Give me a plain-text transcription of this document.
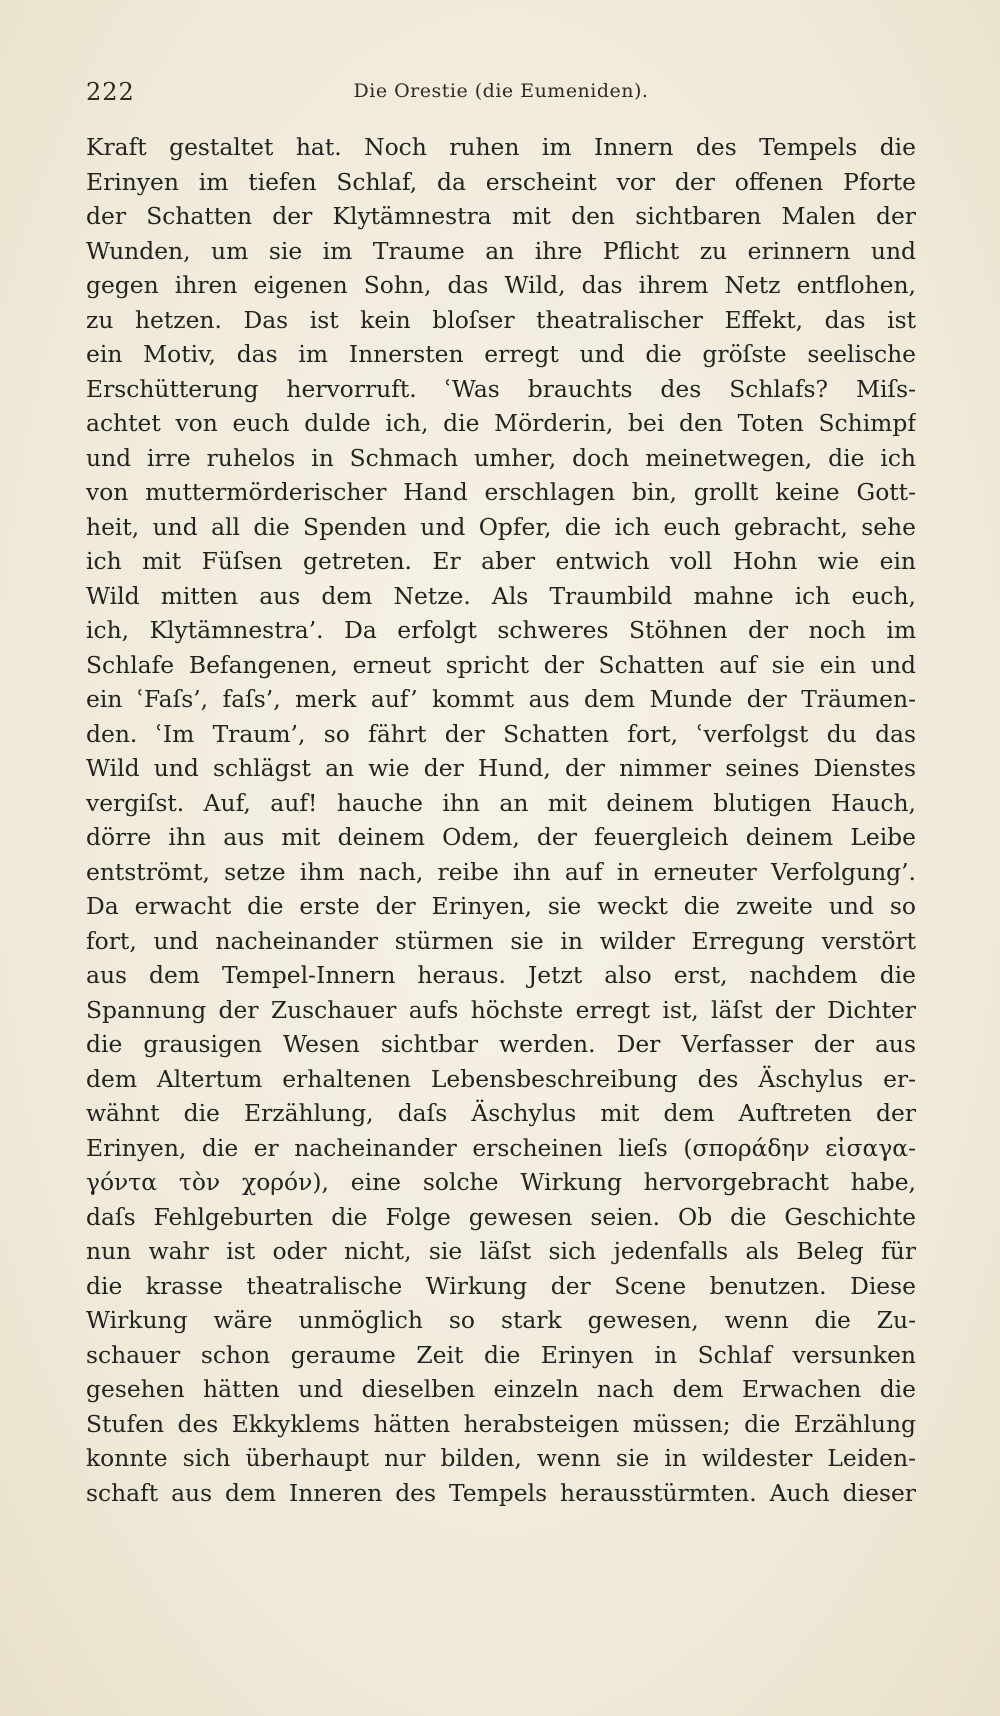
222	Die Orestie (die Eumeniden).
Kraft gestaltet hat. Noch ruhen im Innern des Tempels die
Erinyen im tiefen Schlaf, da erscheint vor der offenen Pforte
der Schatten der Klytämnestra mit den sichtbaren Malen der
Wunden, um sie im Traume an ihre Pflicht zu erinnern und
gegen ihren eigenen Sohn, das Wild, das ihrem Netz entflohen,
zu hetzen. Das ist kein bloſser theatralischer Effekt, das ist
ein Motiv, das im Innersten erregt und die gröſste seelische
Erschütterung hervorruft. ʿWas brauchts des Schlafs? Miſs-
achtet von euch dulde ich, die Mörderin, bei den Toten Schimpf
und irre ruhelos in Schmach umher, doch meinetwegen, die ich
von muttermörderischer Hand erschlagen bin, grollt keine Gott-
heit, und all die Spenden und Opfer, die ich euch gebracht, sehe
ich mit Füſsen getreten. Er aber entwich voll Hohn wie ein
Wild mitten aus dem Netze. Als Traumbild mahne ich euch,
ich, Klytämnestra’. Da erfolgt schweres Stöhnen der noch im
Schlafe Befangenen, erneut spricht der Schatten auf sie ein und
ein ʿFaſs’, faſs’, merk auf’ kommt aus dem Munde der Träumen-
den. ʿIm Traum’, so fährt der Schatten fort, ʿverfolgst du das
Wild und schlägst an wie der Hund, der nimmer seines Dienstes
vergiſst. Auf, auf! hauche ihn an mit deinem blutigen Hauch,
dörre ihn aus mit deinem Odem, der feuergleich deinem Leibe
entströmt, setze ihm nach, reibe ihn auf in erneuter Verfolgung’.
Da erwacht die erste der Erinyen, sie weckt die zweite und so
fort, und nacheinander stürmen sie in wilder Erregung verstört
aus dem Tempel-Innern heraus. Jetzt also erst, nachdem die
Spannung der Zuschauer aufs höchste erregt ist, läſst der Dichter
die grausigen Wesen sichtbar werden. Der Verfasser der aus
dem Altertum erhaltenen Lebensbeschreibung des Äschylus er-
wähnt die Erzählung, daſs Äschylus mit dem Auftreten der
Erinyen, die er nacheinander erscheinen lieſs (σποράδην εἰσαγα-
γόντα τὸν χορόν), eine solche Wirkung hervorgebracht habe,
daſs Fehlgeburten die Folge gewesen seien. Ob die Geschichte
nun wahr ist oder nicht, sie läſst sich jedenfalls als Beleg für
die krasse theatralische Wirkung der Scene benutzen. Diese
Wirkung wäre unmöglich so stark gewesen, wenn die Zu-
schauer schon geraume Zeit die Erinyen in Schlaf versunken
gesehen hätten und dieselben einzeln nach dem Erwachen die
Stufen des Ekkyklems hätten herabsteigen müssen; die Erzählung
konnte sich überhaupt nur bilden, wenn sie in wildester Leiden-
schaft aus dem Inneren des Tempels herausstürmten. Auch dieser
